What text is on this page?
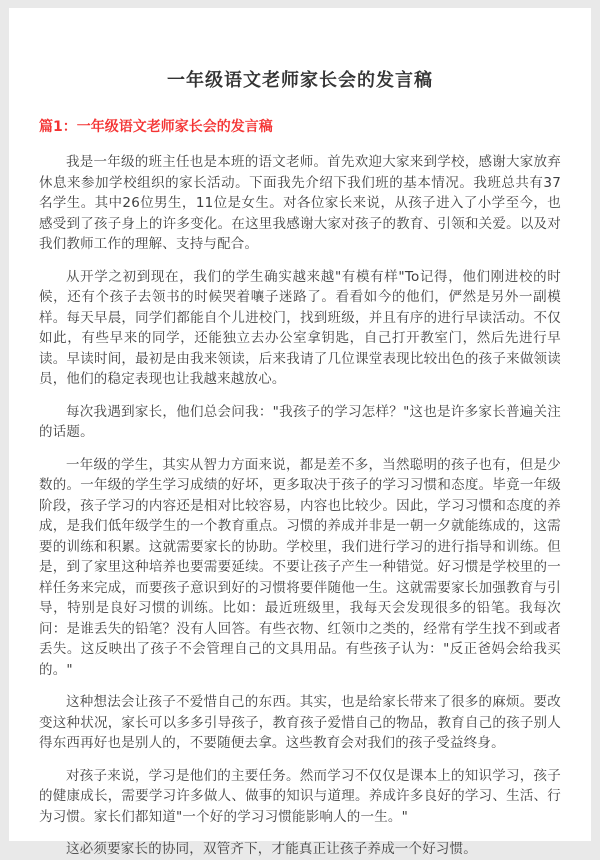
一年级语文老师家长会的发言稿
篇1：一年级语文老师家长会的发言稿

我是一年级的班主任也是本班的语文老师。首先欢迎大家来到学校，感谢大家放弃休息来参加学校组织的家长活动。下面我先介绍下我们班的基本情况。我班总共有37名学生。其中26位男生，11位是女生。对各位家长来说，从孩子进入了小学至今，也感受到了孩子身上的许多变化。在这里我感谢大家对孩子的教育、引领和关爱。以及对我们教师工作的理解、支持与配合。

从开学之初到现在，我们的学生确实越来越"有模有样"To记得，他们刚进校的时候，还有个孩子去领书的时候哭着嚷子迷路了。看看如今的他们，俨然是另外一副模样。每天早晨，同学们都能自个儿进校门，找到班级，并且有序的进行早读活动。不仅如此，有些早来的同学，还能独立去办公室拿钥匙，自己打开教室门，然后先进行早读。早读时间，最初是由我来领读，后来我请了几位课堂表现比较出色的孩子来做领读员，他们的稳定表现也让我越来越放心。

每次我遇到家长，他们总会问我："我孩子的学习怎样？"这也是许多家长普遍关注的话题。

一年级的学生，其实从智力方面来说，都是差不多，当然聪明的孩子也有，但是少数的。一年级的学生学习成绩的好坏，更多取决于孩子的学习习惯和态度。毕竟一年级阶段，孩子学习的内容还是相对比较容易，内容也比较少。因此，学习习惯和态度的养成，是我们低年级学生的一个教育重点。习惯的养成并非是一朝一夕就能练成的，这需要的训练和积累。这就需要家长的协助。学校里，我们进行学习的进行指导和训练。但是，到了家里这种培养也要需要延续。不要让孩子产生一种错觉。好习惯是学校里的一样任务来完成，而要孩子意识到好的习惯将要伴随他一生。这就需要家长加强教育与引导，特别是良好习惯的训练。比如：最近班级里，我每天会发现很多的铅笔。我每次问：是谁丢失的铅笔？没有人回答。有些衣物、红领巾之类的，经常有学生找不到或者丢失。这反映出了孩子不会管理自己的文具用品。有些孩子认为："反正爸妈会给我买的。"

这种想法会让孩子不爱惜自己的东西。其实，也是给家长带来了很多的麻烦。要改变这种状况，家长可以多多引导孩子，教育孩子爱惜自己的物品，教育自己的孩子别人得东西再好也是别人的，不要随便去拿。这些教育会对我们的孩子受益终身。

对孩子来说，学习是他们的主要任务。然而学习不仅仅是课本上的知识学习，孩子的健康成长，需要学习许多做人、做事的知识与道理。养成许多良好的学习、生活、行为习惯。家长们都知道"一个好的学习习惯能影响人的一生。"

这必须要家长的协同，双管齐下，才能真正让孩子养成一个好习惯。
